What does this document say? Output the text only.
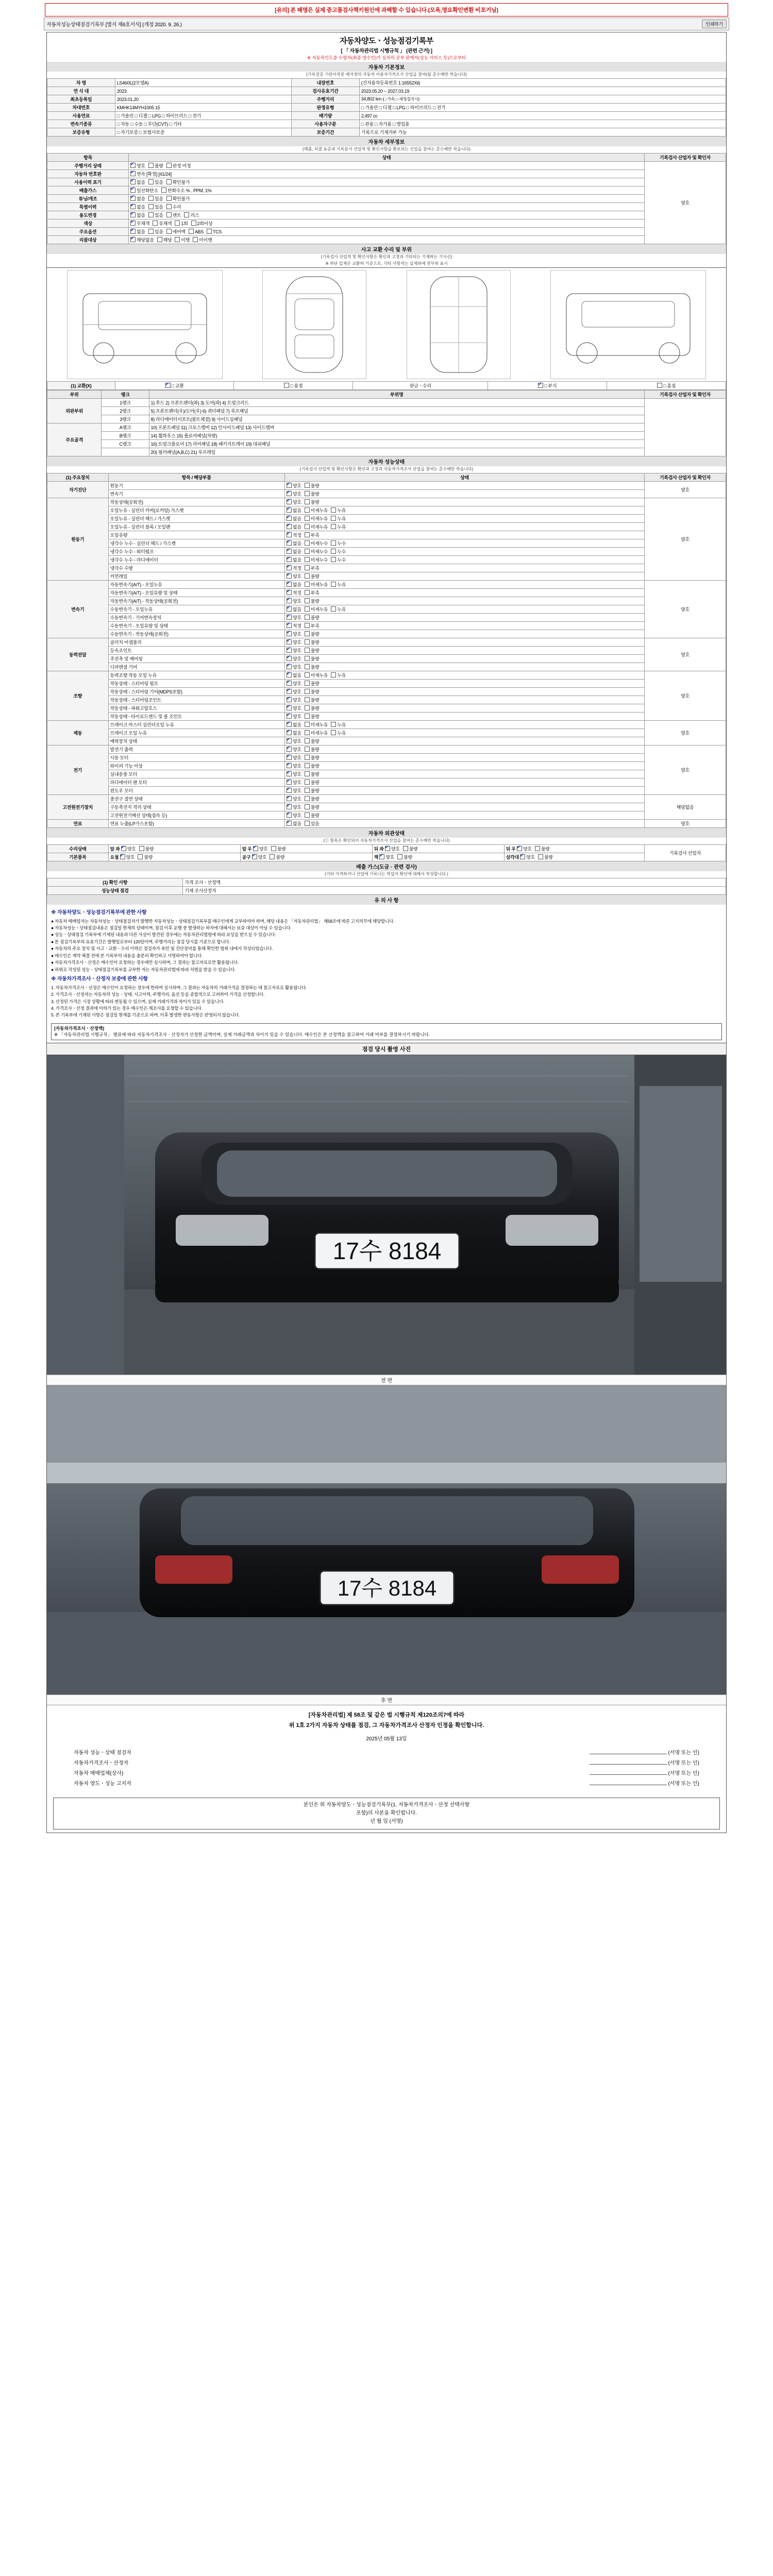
[유의] 본 패명은 실제 중고품검사책키원인에 과해할 수 있습니다.(모욕,명요확인변환 비포거님)
자동차성능상태점검기록부 [별지 제6호서식] (개정 2020. 9. 26.)	인쇄하기
자동차양도ㆍ성능점검기록부
[ 「 자동차관리법 시행규칙 」 (관련 근거) ]
※ 자동차인도증 수령자(최종 양수인)가 실차의 공부 판매자(성능 서비스 등)으로부터
자동차 기본정보
(기록검증 기관이작문 매자정의 자동차 이용자가격조사 산업을 참여(될 준수해만 작습니다)
차 명	LS460L(2모델A)	내장번호	(건자용차등록번호 1:16552Xil)
연 식 대	2023	검사유효기간	2023.05.20 ~ 2027.03.19
최초등록일	2023.01.20	주행거리	34,802 km (□ 가속 □ 세정검지시)
차대번호	KMHK14MYH1005 15	판정유형	□ 가솔린 □ 디젤 □ LPG □ 하이브리드 □ 전기
사용연료	□ 가솔린 □ 디젤 □ LPG □ 하이브리드 □ 전기	배기량	2,497 cc
변속기종류	□ 자동 □ 수동 □ 무단(CVT) □ 기타	사용자구분	□ 관용 □ 자가용 □ 영업용
보증유형	□ 자기보증 □ 보험사보증	보증기간	기록으로 기재거부 가능
자동차 세부정보
(매출, 리콜 표준과 기록문서 선업적 및 확인사항을 확보되는 신업을 참여는 준수해만 작습니다)
항목	상태	기록검사 산업자 및 확인자
주행거리 상태	✔양호 불량 판정 미정	양호
자동차 번호판	✔변속 [확정] [41/24]
사용이력 표기	✔없음 있음 확인불가
배출가스	✔일산화탄소 탄화수소 % , PPM, 1%
튜닝/개조	✔없음 있음 확인불가
특별이력	✔없음 있음 수리
용도변경	✔없음 있음 렌트 리스
색상	✔무채색 유채색 1회 2회이상
주요옵션	✔없음 있음 에어백 ABS TCS
리콜대상	✔해당없음 해당 이행 미이행
사고 교환 수리 및 부위
(기록검사 산업적 및 확인사항은 확인과 고정과 기타되는 기재하는 기사신)
※ 하단 일체은 교환하 기준으로, 기타 사항적는 실제와에 전부와 표시
(1) 교환(X)	✔□ 교환	□ 용접	판금ㆍ수리	✔□ 부식	□ 흠집
부위	랭크	부위명	기록검사 산업자 및 확인자
외판부위	1랭크	1) 후드 2) 프론트팬더(좌) 3) 도어(좌) 4) 트렁크리드	
	2랭크	5) 프론트팬더(우)/도어(우) 6) 퀴터패널 7) 루프패널	
	3랭크	8) 라디에이터서포트(볼트체결) 9) 사이드실패널	
주요골격	A랭크	10) 프론트패널 11) 크로스멤버 12) 인사이드패널 13) 사이드멤버	
	B랭크	14) 휠하우스 15) 플로어패널(차량)	
	C랭크	16) 트렁크플로어 17) 리어패널 18) 패키지트레이 19) 대쉬패널	
		20) 필러패널(A,B,C) 21) 루프레일	
자동차 성능상태
(기록검사 산업적 및 확인사항은 확인과 고정과 자동차가격조사 산업을 참여는 준수해만 작습니다)
(1) 주요장치	항목 / 해당부품	상태	기록검사 산업자 및 확인자
자기진단	원동기	✔양호 불량	양호
	변속기	✔양호 불량
원동기	작동상태(공회전)	✔양호 불량	양호
	오일누유 - 실린더 커버(로커암) 가스켓	✔없음 미세누유 누유
	오일누유 - 실린더 헤드 / 가스켓	✔없음 미세누유 누유
	오일누유 - 실린더 블록 / 오일팬	✔없음 미세누유 누유
	오일유량	✔적정 부족
	냉각수 누수 - 실린더 헤드 / 가스켓	✔없음 미세누수 누수
	냉각수 누수 - 워터펌프	✔없음 미세누수 누수
	냉각수 누수 - 라디에이터	✔없음 미세누수 누수
	냉각수 수량	✔적정 부족
	커먼레일	✔양호 불량
변속기	자동변속기(A/T) - 오일누유	✔없음 미세누유 누유	양호
	자동변속기(A/T) - 오일유량 및 상태	✔적정 부족
	자동변속기(A/T) - 작동상태(공회전)	✔양호 불량
	수동변속기 - 오일누유	✔없음 미세누유 누유
	수동변속기 - 기어변속장치	✔양호 불량
	수동변속기 - 오일유량 및 상태	✔적정 부족
	수동변속기 - 작동상태(공회전)	✔양호 불량
동력전달	클러치 어셈블리	✔양호 불량	양호
	등속조인트	✔양호 불량
	추진축 및 베어링	✔양호 불량
	디퍼렌셜 기어	✔양호 불량
조향	동력조향 작동 오일 누유	✔없음 미세누유 누유	양호
	작동상태 - 스티어링 펌프	✔양호 불량
	작동상태 - 스티어링 기어(MDPS포함)	✔양호 불량
	작동상태 - 스티어링조인트	✔양호 불량
	작동상태 - 파워고압호스	✔양호 불량
	작동상태 - 타이로드엔드 및 볼 조인트	✔양호 불량
제동	브레이크 마스터 실린더오일 누유	✔없음 미세누유 누유	양호
	브레이크 오일 누유	✔없음 미세누유 누유
	배력장치 상태	✔양호 불량
전기	발전기 출력	✔양호 불량	양호
	시동 모터	✔양호 불량
	와이퍼 기능 이상	✔양호 불량
	실내송풍 모터	✔양호 불량
	라디에이터 팬 모터	✔양호 불량
	윈도우 모터	✔양호 불량
고전원전기장치	충전구 절연 상태	✔양호 불량	해당없음
	구동축전지 격리 상태	✔양호 불량
	고전원전기배선 상태(접속 등)	✔양호 불량
연료	연료 누출(LP가스포함)	✔없음 있음	양호
자동차 외관상태
(ⓛ 항목은 확인되어 자동차가격조사 산업을 참여는 준수해만 작습니다)
수리상태	앞 좌 ✔ 양호 불량	앞 우 ✔ 양호 불량	뒤 좌 ✔ 양호 불량	뒤 우 ✔ 양호 불량	기록검사 산업자
기본품목	요철 ✔ 양호 불량	공구 ✔ 양호 불량	잭 ✔ 양호 불량	삼각대 ✔ 양호 불량
배출 가스(도금 · 관련 검사)
(기타 가격하거나 산업에 기록나는 작업자 확인에 대해서 작성합니다.)
(1) 확인 사항	가격 조사ㆍ산정액
성능상태 점검	기재 조사산정자
유 의 사 항
※ 자동차양도ㆍ성능점검기록부에 관한 사항
● 자동차 매매업자는 자동차성능ㆍ상태점검자가 발행한 자동차성능ㆍ상태점검기록부를 매수인에게 교부하여야 하며, 해당 내용은 「자동차관리법」 제58조에 따른 고지의무에 해당합니다.
● 자동차성능ㆍ상태점검내용은 점검일 현재의 상태이며, 점검 이후 운행 중 발생하는 하자에 대해서는 보증 대상이 아닐 수 있습니다.
● 성능ㆍ상태점검 기록부에 기재된 내용과 다른 사실이 발견된 경우에는 자동차관리법령에 따라 보상을 받으실 수 있습니다.
● 본 점검기록부의 유효기간은 발행일로부터 120일이며, 주행거리는 점검 당시를 기준으로 합니다.
● 자동차의 주요 장치 및 사고ㆍ교환ㆍ수리 이력은 점검자가 육안 및 진단장비를 통해 확인한 범위 내에서 작성되었습니다.
● 매수인은 계약 체결 전에 본 기록부의 내용을 충분히 확인하고 서명하여야 합니다.
● 자동차가격조사ㆍ산정은 매수인이 요청하는 경우에만 실시하며, 그 결과는 참고자료로만 활용됩니다.
● 허위로 작성된 성능ㆍ상태점검기록부를 교부한 자는 자동차관리법에 따라 처벌을 받을 수 있습니다.
※ 자동차가격조사ㆍ산정자 보증에 관한 사항
1. 자동차가격조사ㆍ산정은 매수인이 요청하는 경우에 한하여 실시하며, 그 결과는 자동차의 거래가격을 결정하는 데 참고자료로 활용됩니다.
2. 가격조사ㆍ산정자는 자동차의 성능ㆍ상태, 사고이력, 주행거리, 옵션 등을 종합적으로 고려하여 가격을 산정합니다.
3. 산정된 가격은 시장 상황에 따라 변동될 수 있으며, 실제 거래가격과 차이가 있을 수 있습니다.
4. 가격조사ㆍ산정 결과에 이의가 있는 경우 매수인은 재조사를 요청할 수 있습니다.
5. 본 기록부에 기재된 사항은 점검일 현재를 기준으로 하며, 이후 발생한 변동사항은 반영되지 않습니다.
[자동차가격조사ㆍ산정액]
※ 「자동차관리법 시행규칙」 별표에 따라 자동차가격조사ㆍ산정자가 산정한 금액이며, 실제 거래금액과 차이가 있을 수 있습니다. 매수인은 본 산정액을 참고하여 거래 여부를 결정하시기 바랍니다.
점검 당시 촬영 사진
17수 8184
전 면
17수 8184
후 면
[자동차관리법] 제 58조 및 같은 법 시행규칙 제120조의7에 따라
위 1호 2가지 자동차 상태를 점검, 그 자동차가격조사 산정자 인정을 확인합니다.
2025년 05월 13일
자동차 성능ㆍ상태 점검자	(서명 또는 인)
자동차가격조사ㆍ산정자	(서명 또는 인)
자동차 매매업체(상사)	(서명 또는 인)
자동차 양도ㆍ성능 고지자	(서명 또는 인)
본인은 위 자동차양도ㆍ성능점검기록부(1. 자동차가격조사ㆍ산정 선택사항
포함)의 사본을 확인합니다.
년 월 일 (서명)
